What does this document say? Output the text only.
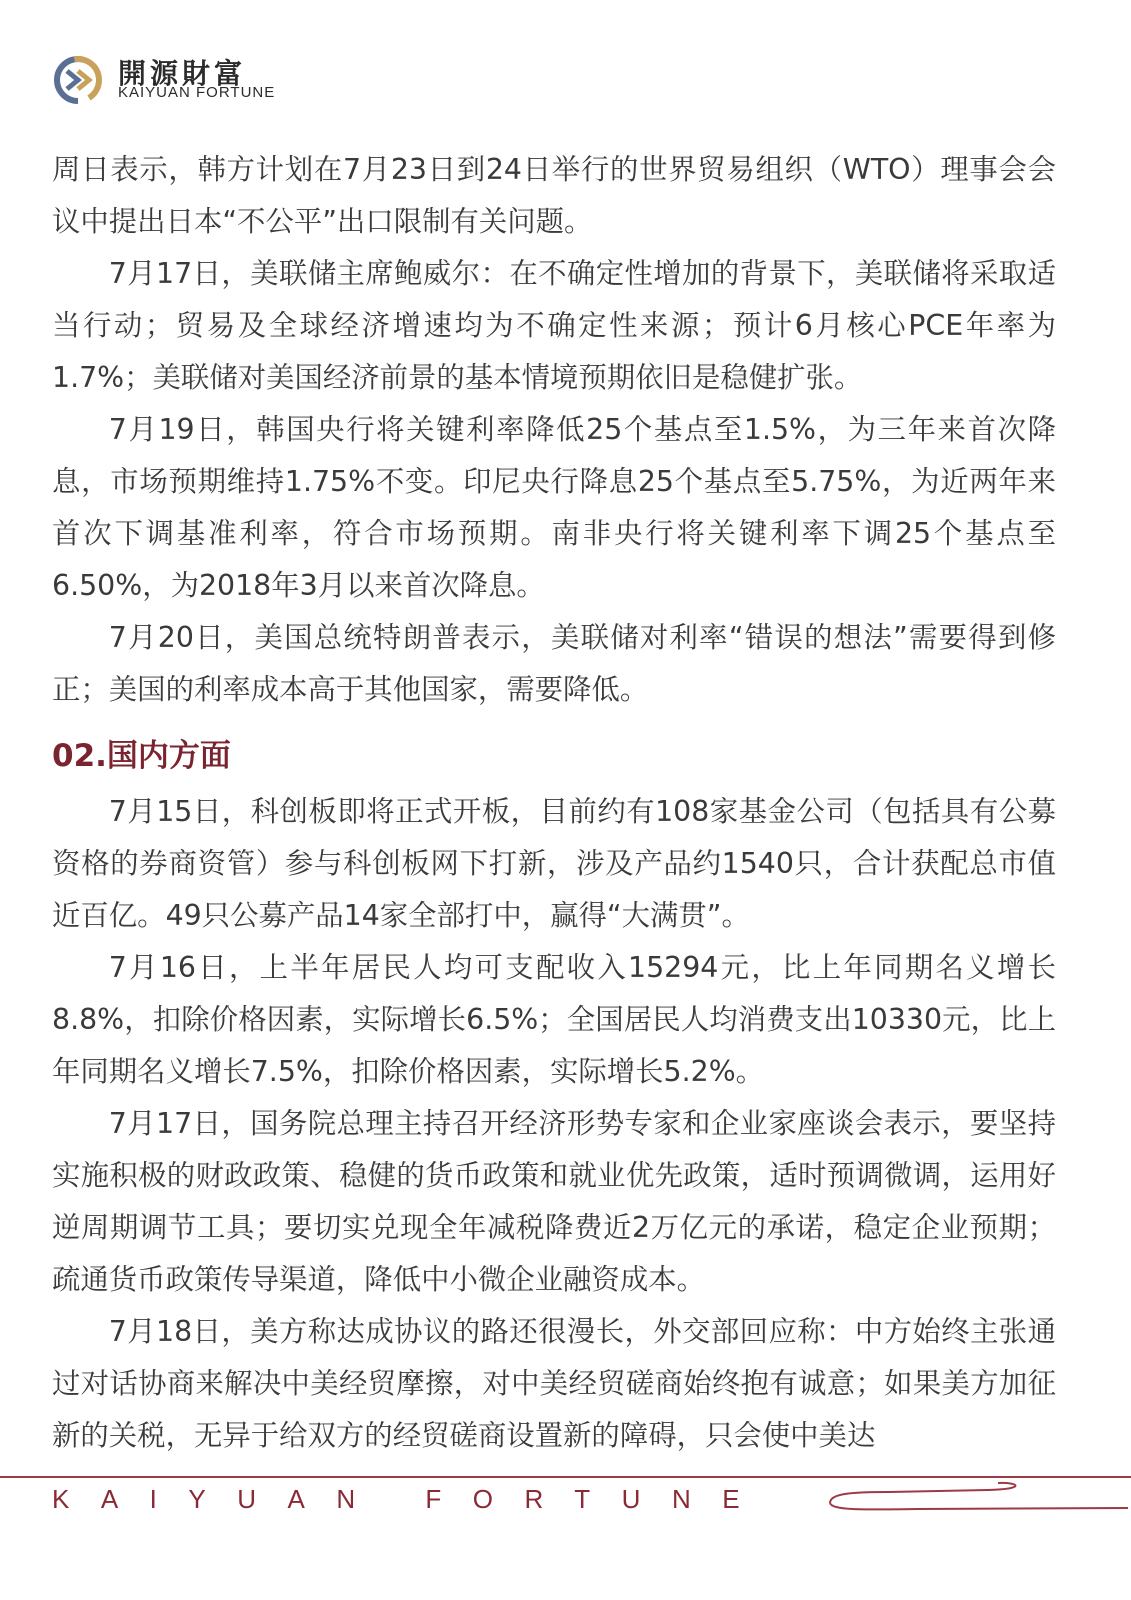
開源財富
KAIYUAN FORTUNE

周日表示，韩方计划在7月23日到24日举行的世界贸易组织（WTO）理事会会议中提出日本“不公平”出口限制有关问题。

7月17日，美联储主席鲍威尔：在不确定性增加的背景下，美联储将采取适当行动；贸易及全球经济增速均为不确定性来源；预计6月核心PCE年率为1.7%；美联储对美国经济前景的基本情境预期依旧是稳健扩张。

7月19日，韩国央行将关键利率降低25个基点至1.5%，为三年来首次降息，市场预期维持1.75%不变。印尼央行降息25个基点至5.75%，为近两年来首次下调基准利率，符合市场预期。南非央行将关键利率下调25个基点至6.50%，为2018年3月以来首次降息。

7月20日，美国总统特朗普表示，美联储对利率“错误的想法”需要得到修正；美国的利率成本高于其他国家，需要降低。

02.国内方面

7月15日，科创板即将正式开板，目前约有108家基金公司（包括具有公募资格的券商资管）参与科创板网下打新，涉及产品约1540只，合计获配总市值近百亿。49只公募产品14家全部打中，赢得“大满贯”。

7月16日，上半年居民人均可支配收入15294元，比上年同期名义增长8.8%，扣除价格因素，实际增长6.5%；全国居民人均消费支出10330元，比上年同期名义增长7.5%，扣除价格因素，实际增长5.2%。

7月17日，国务院总理主持召开经济形势专家和企业家座谈会表示，要坚持实施积极的财政政策、稳健的货币政策和就业优先政策，适时预调微调，运用好逆周期调节工具；要切实兑现全年减税降费近2万亿元的承诺，稳定企业预期；疏通货币政策传导渠道，降低中小微企业融资成本。

7月18日，美方称达成协议的路还很漫长，外交部回应称：中方始终主张通过对话协商来解决中美经贸摩擦，对中美经贸磋商始终抱有诚意；如果美方加征新的关税，无异于给双方的经贸磋商设置新的障碍，只会使中美达

KAIYUAN FORTUNE
